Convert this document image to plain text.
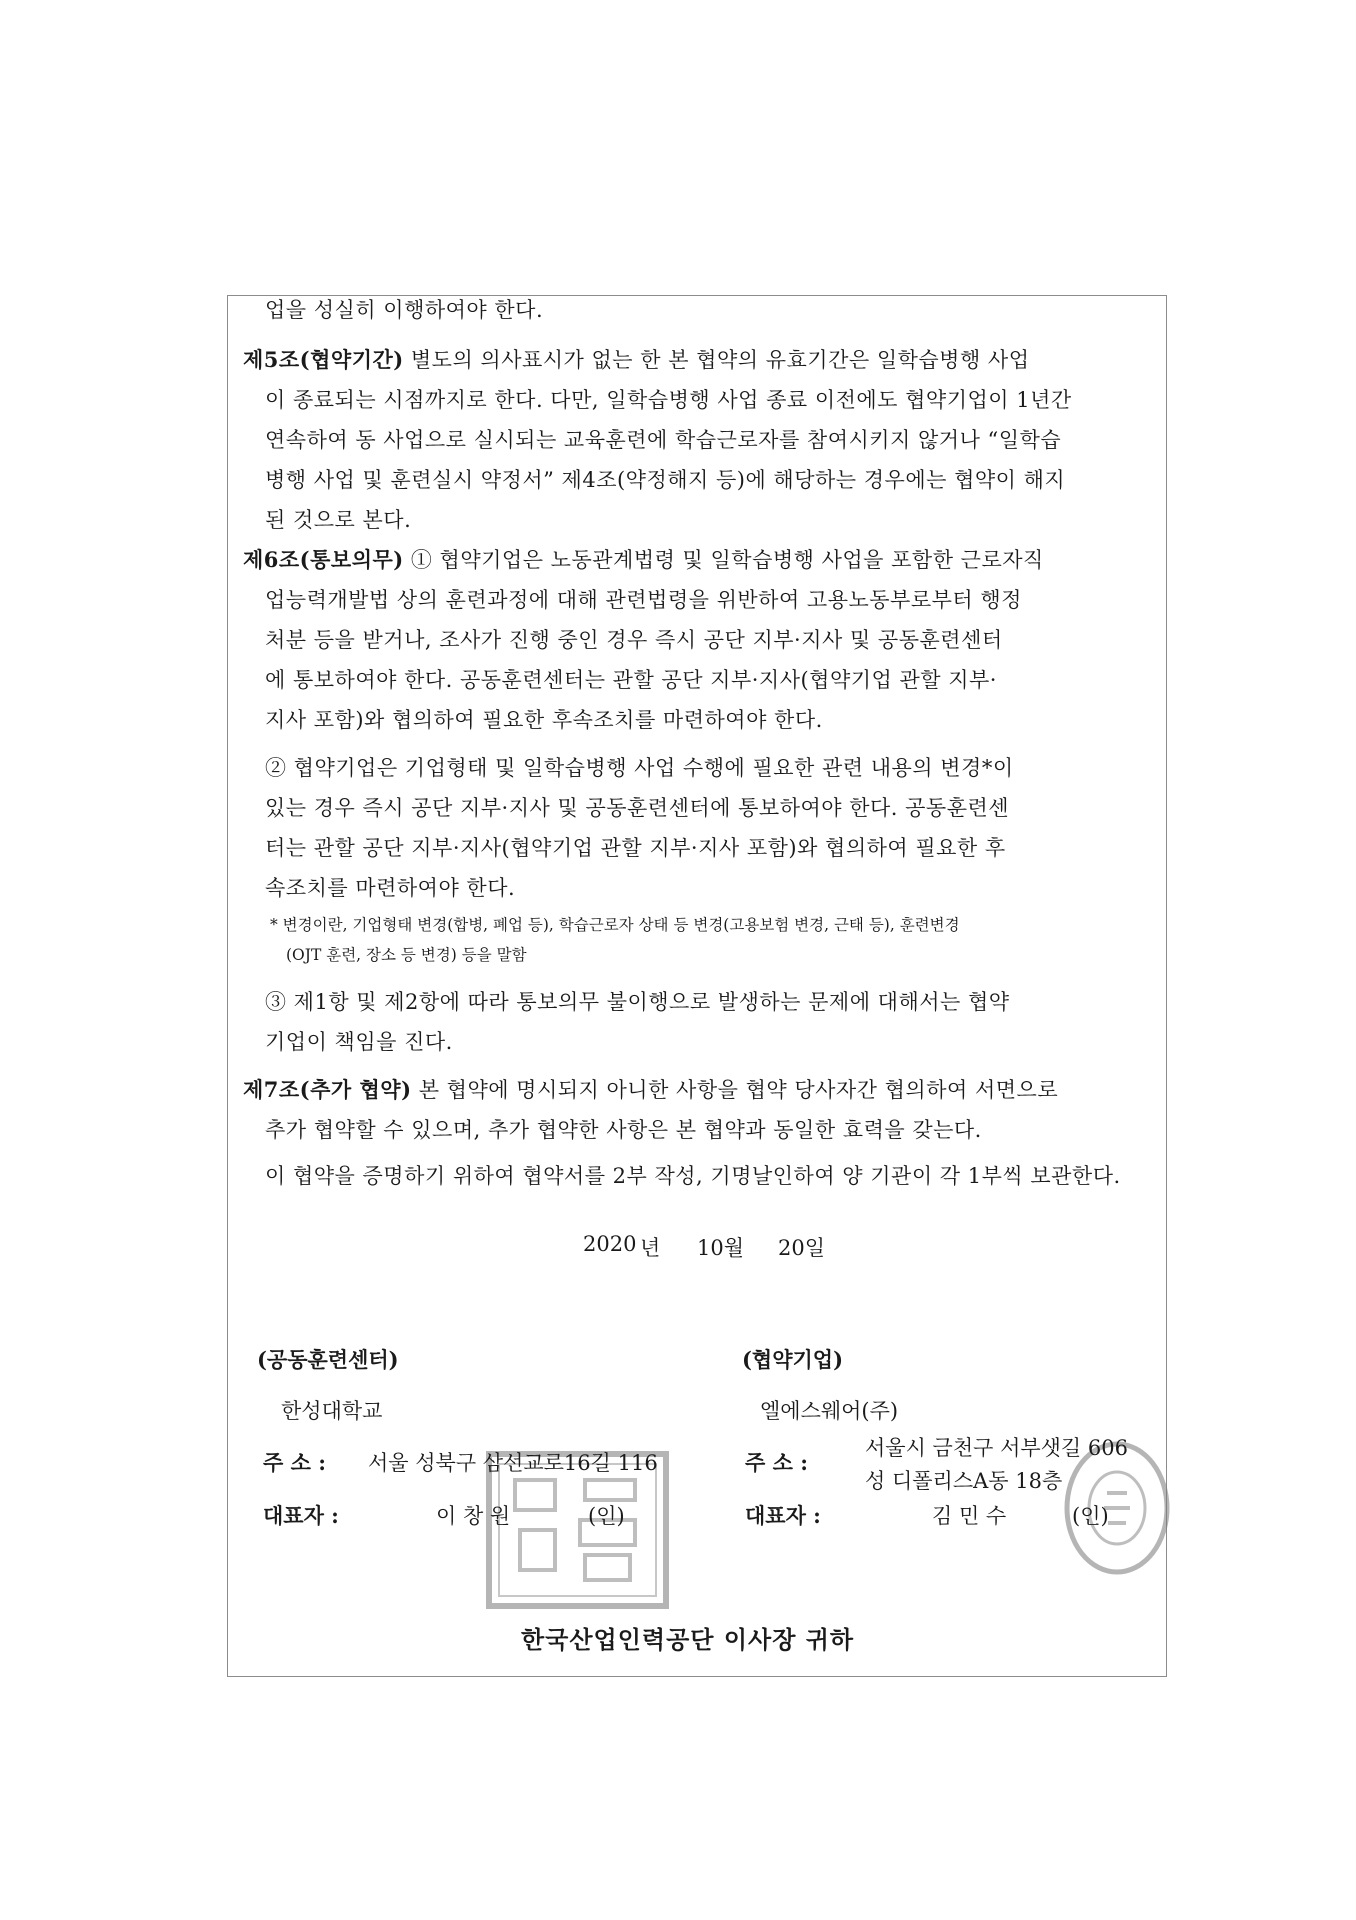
업을 성실히 이행하여야 한다.
제5조(협약기간) 별도의 의사표시가 없는 한 본 협약의 유효기간은 일학습병행 사업
이 종료되는 시점까지로 한다. 다만, 일학습병행 사업 종료 이전에도 협약기업이 1년간
연속하여 동 사업으로 실시되는 교육훈련에 학습근로자를 참여시키지 않거나 “일학습
병행 사업 및 훈련실시 약정서” 제4조(약정해지 등)에 해당하는 경우에는 협약이 해지
된 것으로 본다.
제6조(통보의무) ① 협약기업은 노동관계법령 및 일학습병행 사업을 포함한 근로자직
업능력개발법 상의 훈련과정에 대해 관련법령을 위반하여 고용노동부로부터 행정
처분 등을 받거나, 조사가 진행 중인 경우 즉시 공단 지부·지사 및 공동훈련센터
에 통보하여야 한다. 공동훈련센터는 관할 공단 지부·지사(협약기업 관할 지부·
지사 포함)와 협의하여 필요한 후속조치를 마련하여야 한다.
② 협약기업은 기업형태 및 일학습병행 사업 수행에 필요한 관련 내용의 변경*이
있는 경우 즉시 공단 지부·지사 및 공동훈련센터에 통보하여야 한다. 공동훈련센
터는 관할 공단 지부·지사(협약기업 관할 지부·지사 포함)와 협의하여 필요한 후
속조치를 마련하여야 한다.
* 변경이란, 기업형태 변경(합병, 폐업 등), 학습근로자 상태 등 변경(고용보험 변경, 근태 등), 훈련변경
(OJT 훈련, 장소 등 변경) 등을 말함
③ 제1항 및 제2항에 따라 통보의무 불이행으로 발생하는 문제에 대해서는 협약
기업이 책임을 진다.
제7조(추가 협약) 본 협약에 명시되지 아니한 사항을 협약 당사자간 협의하여 서면으로
추가 협약할 수 있으며, 추가 협약한 사항은 본 협약과 동일한 효력을 갖는다.
이 협약을 증명하기 위하여 협약서를 2부 작성, 기명날인하여 양 기관이 각 1부씩 보관한다.
2020 년 10월 20일
(공동훈련센터)
한성대학교
주 소 : 서울 성북구 삼선교로16길 116
대표자 :	이 창 원	(인)
(협약기업)
엘에스웨어(주)
주 소 :
서울시 금천구 서부샛길 606
성 디폴리스A동 18층
대표자 :	김 민 수	(인)
한국산업인력공단 이사장 귀하
